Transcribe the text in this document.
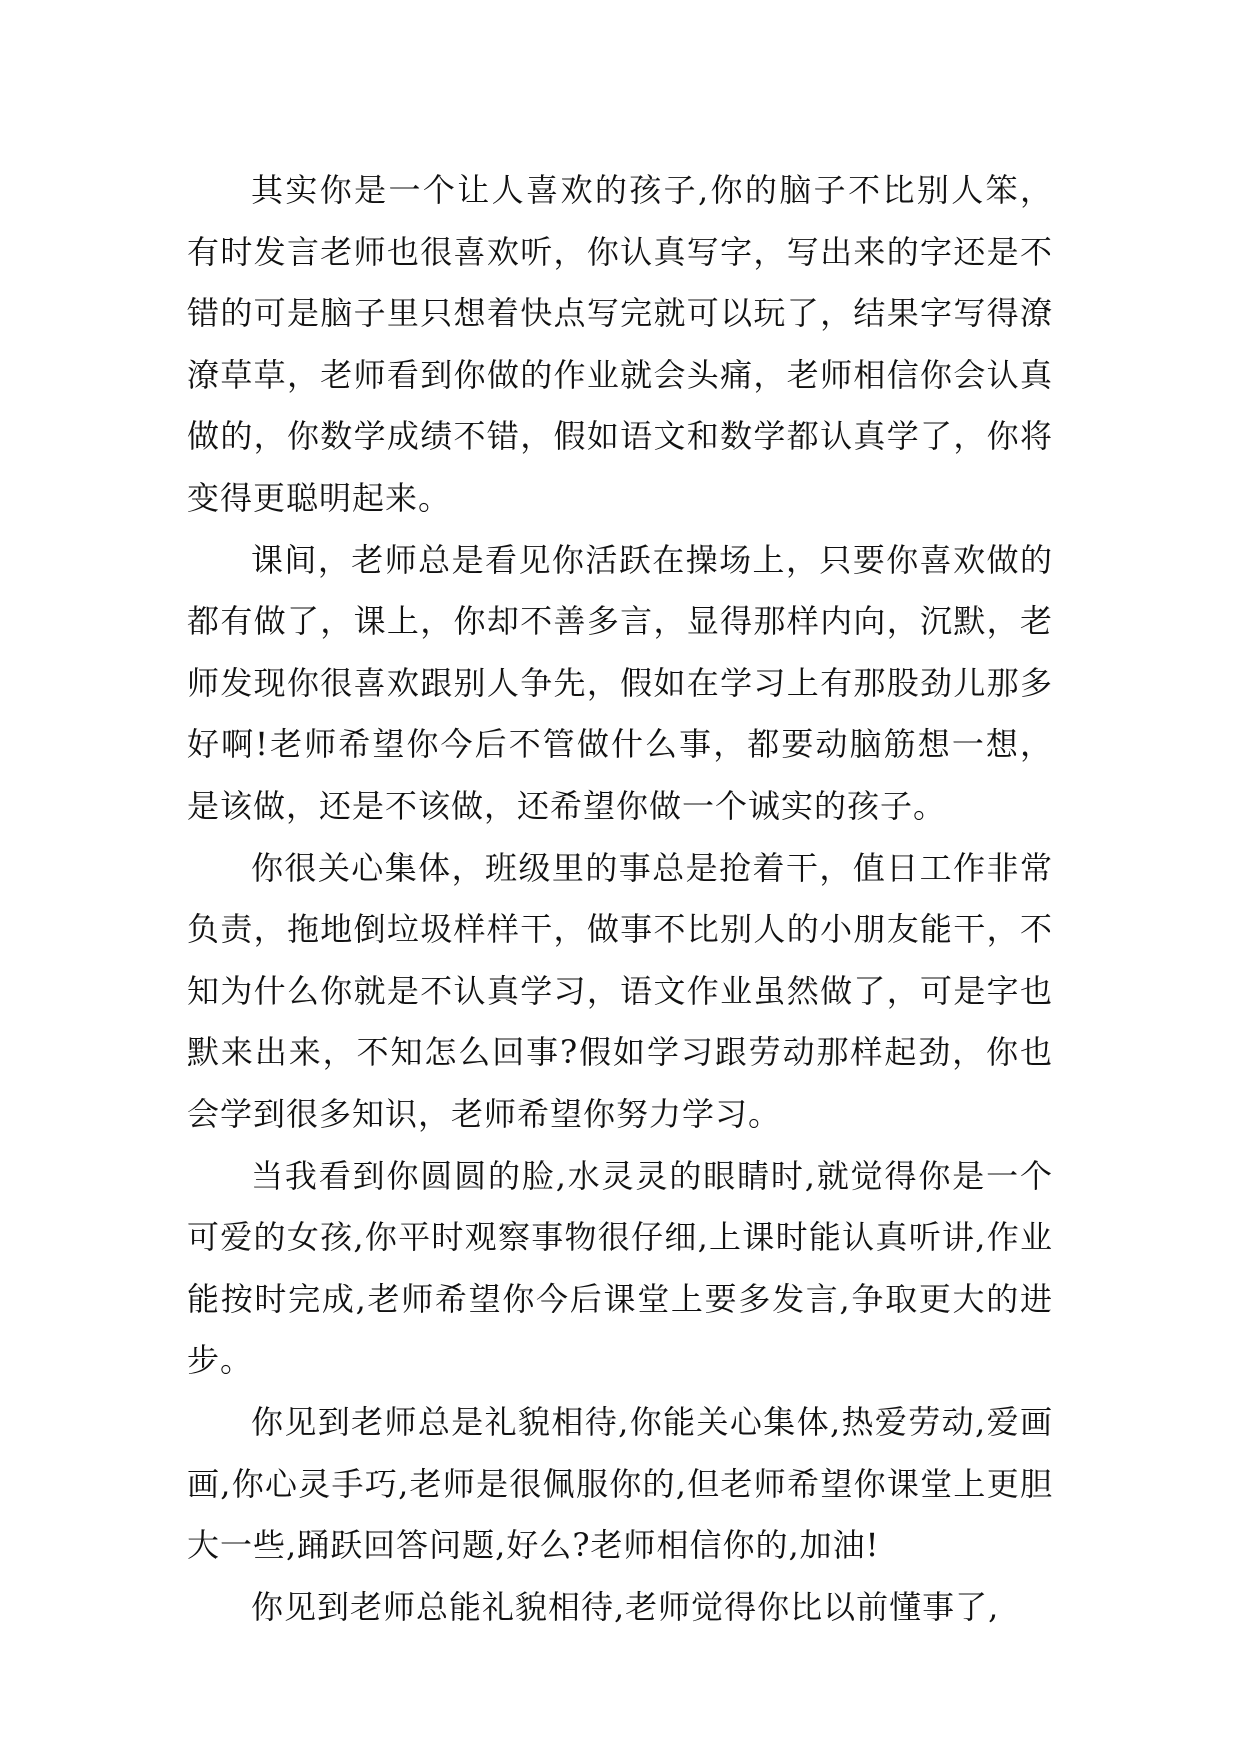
其实你是一个让人喜欢的孩子,你的脑子不比别人笨，有时发言老师也很喜欢听，你认真写字，写出来的字还是不错的可是脑子里只想着快点写完就可以玩了，结果字写得潦潦草草，老师看到你做的作业就会头痛，老师相信你会认真做的，你数学成绩不错，假如语文和数学都认真学了，你将变得更聪明起来。

课间，老师总是看见你活跃在操场上，只要你喜欢做的都有做了，课上，你却不善多言，显得那样内向，沉默，老师发现你很喜欢跟别人争先，假如在学习上有那股劲儿那多好啊!老师希望你今后不管做什么事，都要动脑筋想一想，是该做，还是不该做，还希望你做一个诚实的孩子。

你很关心集体，班级里的事总是抢着干，值日工作非常负责，拖地倒垃圾样样干，做事不比别人的小朋友能干，不知为什么你就是不认真学习，语文作业虽然做了，可是字也默来出来，不知怎么回事?假如学习跟劳动那样起劲，你也会学到很多知识，老师希望你努力学习。

当我看到你圆圆的脸,水灵灵的眼睛时,就觉得你是一个可爱的女孩,你平时观察事物很仔细,上课时能认真听讲,作业能按时完成,老师希望你今后课堂上要多发言,争取更大的进步。

你见到老师总是礼貌相待,你能关心集体,热爱劳动,爱画画,你心灵手巧,老师是很佩服你的,但老师希望你课堂上更胆大一些,踊跃回答问题,好么?老师相信你的,加油!

你见到老师总能礼貌相待,老师觉得你比以前懂事了,
